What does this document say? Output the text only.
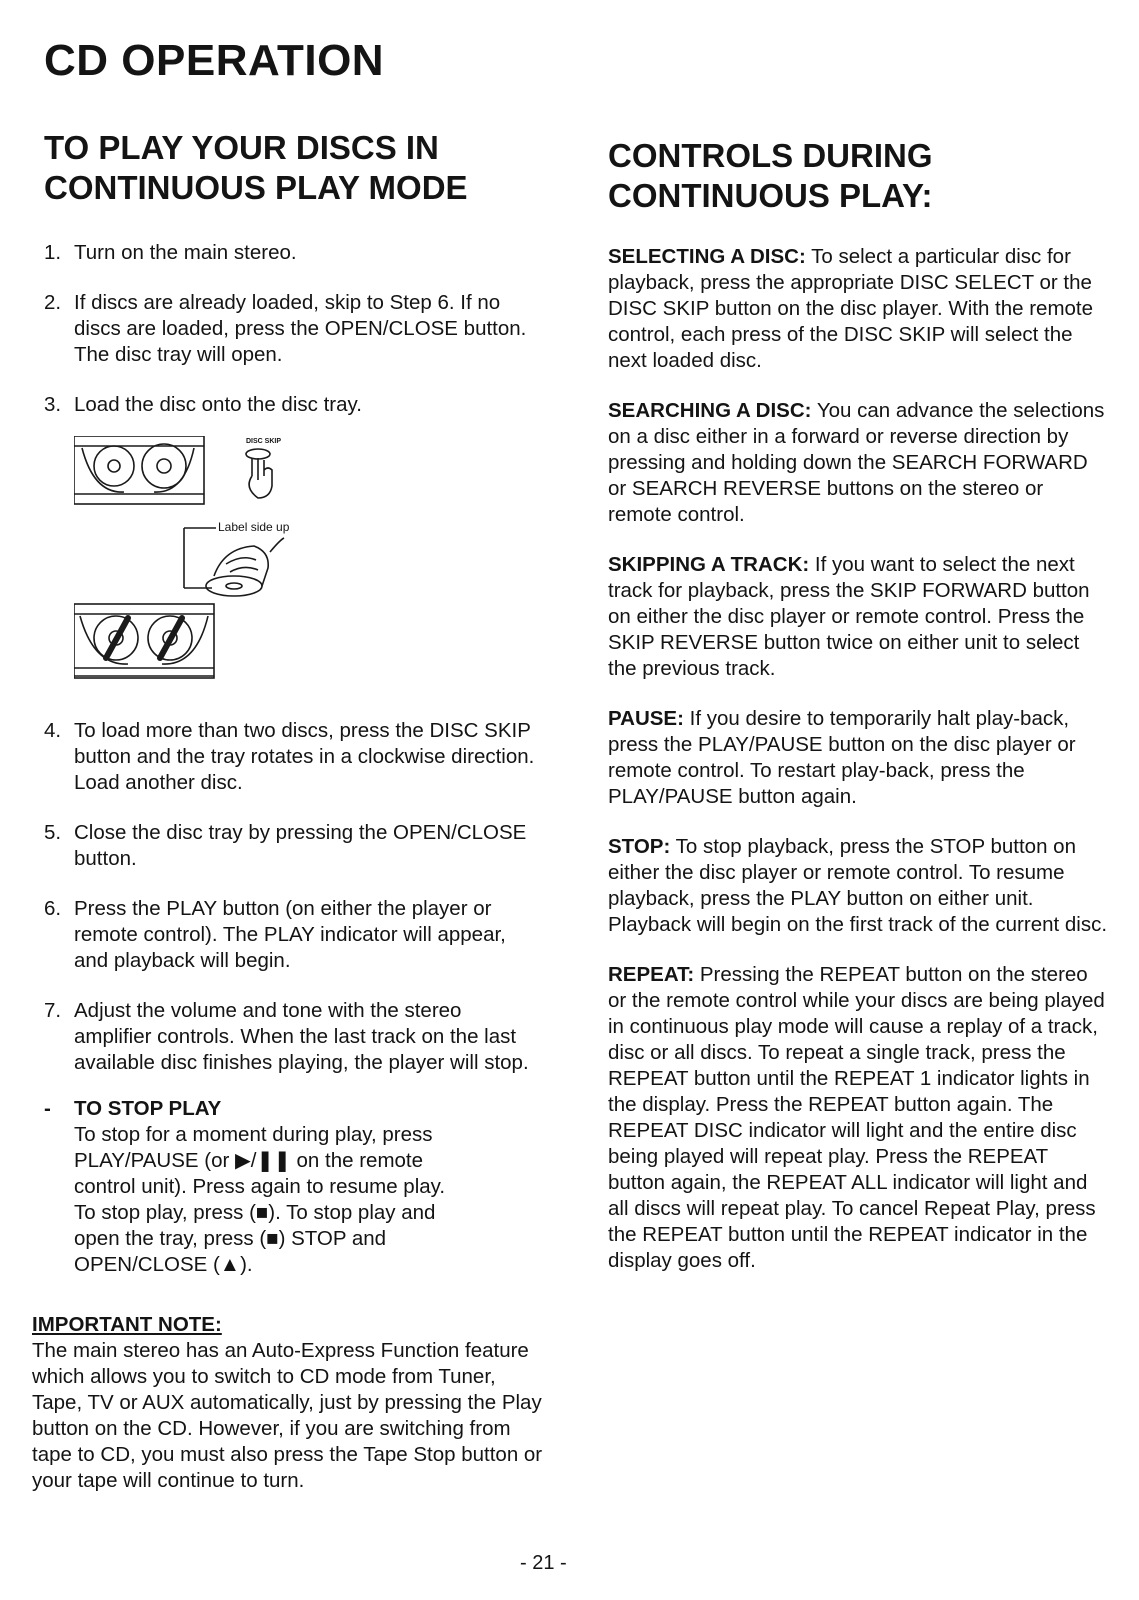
CD OPERATION
TO PLAY YOUR DISCS IN
CONTINUOUS PLAY MODE
1. Turn on the main stereo.
2. If discs are already loaded, skip to Step 6. If no discs are loaded, press the OPEN/CLOSE button. The disc tray will open.
3. Load the disc onto the disc tray.
DISC SKIP
Label side up
4. To load more than two discs, press the DISC SKIP button and the tray rotates in a clockwise direction. Load another disc.
5. Close the disc tray by pressing the OPEN/CLOSE button.
6. Press the PLAY button (on either the player or remote control). The PLAY indicator will appear, and playback will begin.
7. Adjust the volume and tone with the stereo amplifier controls. When the last track on the last available disc finishes playing, the player will stop.
- TO STOP PLAY

To stop for a moment during play, press

PLAY/PAUSE (or ▶/❚❚ on the remote

control unit). Press again to resume play.

To stop play, press (■). To stop play and

open the tray, press (■) STOP and

OPEN/CLOSE (▲).

IMPORTANT NOTE:

The main stereo has an Auto-Express Function feature which allows you to switch to CD mode from Tuner, Tape, TV or AUX automatically, just by pressing the Play button on the CD. However, if you are switching from tape to CD, you must also press the Tape Stop button or your tape will continue to turn.

CONTROLS DURING
CONTINUOUS PLAY:

SELECTING A DISC: To select a particular disc for playback, press the appropriate DISC SELECT or the DISC SKIP button on the disc player. With the remote control, each press of the DISC SKIP will select the next loaded disc.

SEARCHING A DISC: You can advance the selections on a disc either in a forward or reverse direction by pressing and holding down the SEARCH FORWARD or SEARCH REVERSE buttons on the stereo or remote control.

SKIPPING A TRACK: If you want to select the next track for playback, press the SKIP FORWARD button on either the disc player or remote control. Press the SKIP REVERSE button twice on either unit to select the previous track.

PAUSE: If you desire to temporarily halt play-back, press the PLAY/PAUSE button on the disc player or remote control. To restart play-back, press the PLAY/PAUSE button again.

STOP: To stop playback, press the STOP button on either the disc player or remote control. To resume playback, press the PLAY button on either unit. Playback will begin on the first track of the current disc.

REPEAT: Pressing the REPEAT button on the stereo or the remote control while your discs are being played in continuous play mode will cause a replay of a track, disc or all discs. To repeat a single track, press the REPEAT button until the REPEAT 1 indicator lights in the display. Press the REPEAT button again. The REPEAT DISC indicator will light and the entire disc being played will repeat play. Press the REPEAT button again, the REPEAT ALL indicator will light and all discs will repeat play. To cancel Repeat Play, press the REPEAT button until the REPEAT indicator in the display goes off.

- 21 -
